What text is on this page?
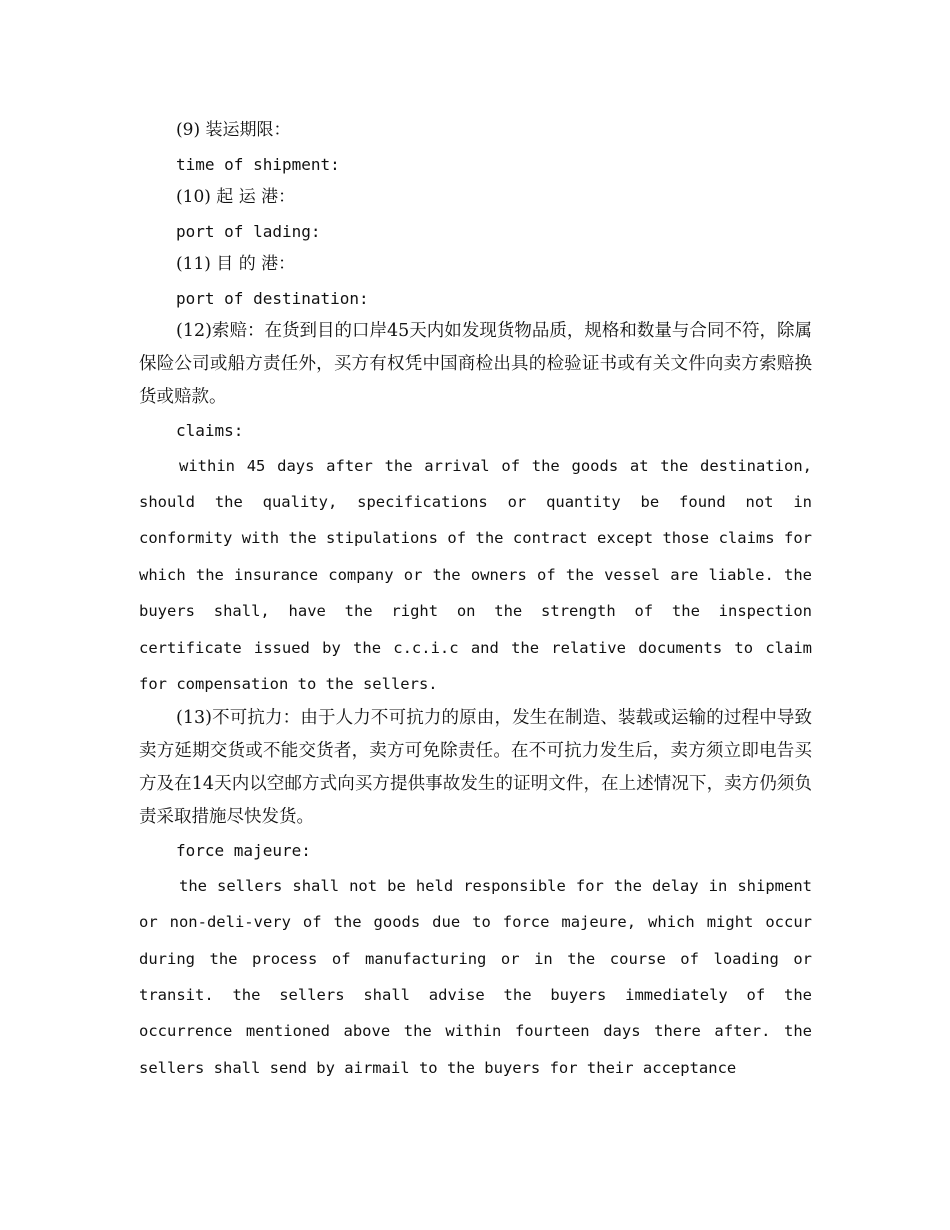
(9) 装运期限：
time of shipment:
(10) 起 运 港：
port of lading:
(11) 目 的 港：
port of destination:

(12)索赔：在货到目的口岸45天内如发现货物品质，规格和数量与合同不符，除属保险公司或船方责任外，买方有权凭中国商检出具的检验证书或有关文件向卖方索赔换货或赔款。

claims:

within 45 days after the arrival of the goods at the destination, should the quality, specifications or quantity be found not in conformity with the stipulations of the contract except those claims for which the insurance company or the owners of the vessel are liable. the buyers shall, have the right on the strength of the inspection certificate issued by the c.c.i.c and the relative documents to claim for compensation to the sellers.

(13)不可抗力：由于人力不可抗力的原由，发生在制造、装载或运输的过程中导致卖方延期交货或不能交货者，卖方可免除责任。在不可抗力发生后，卖方须立即电告买方及在14天内以空邮方式向买方提供事故发生的证明文件，在上述情况下，卖方仍须负责采取措施尽快发货。

force majeure:

the sellers shall not be held responsible for the delay in shipment or non-deli-very of the goods due to force majeure, which might occur during the process of manufacturing or in the course of loading or transit. the sellers shall advise the buyers immediately of the occurrence mentioned above the within fourteen days there after. the sellers shall send by airmail to the buyers for their acceptance
